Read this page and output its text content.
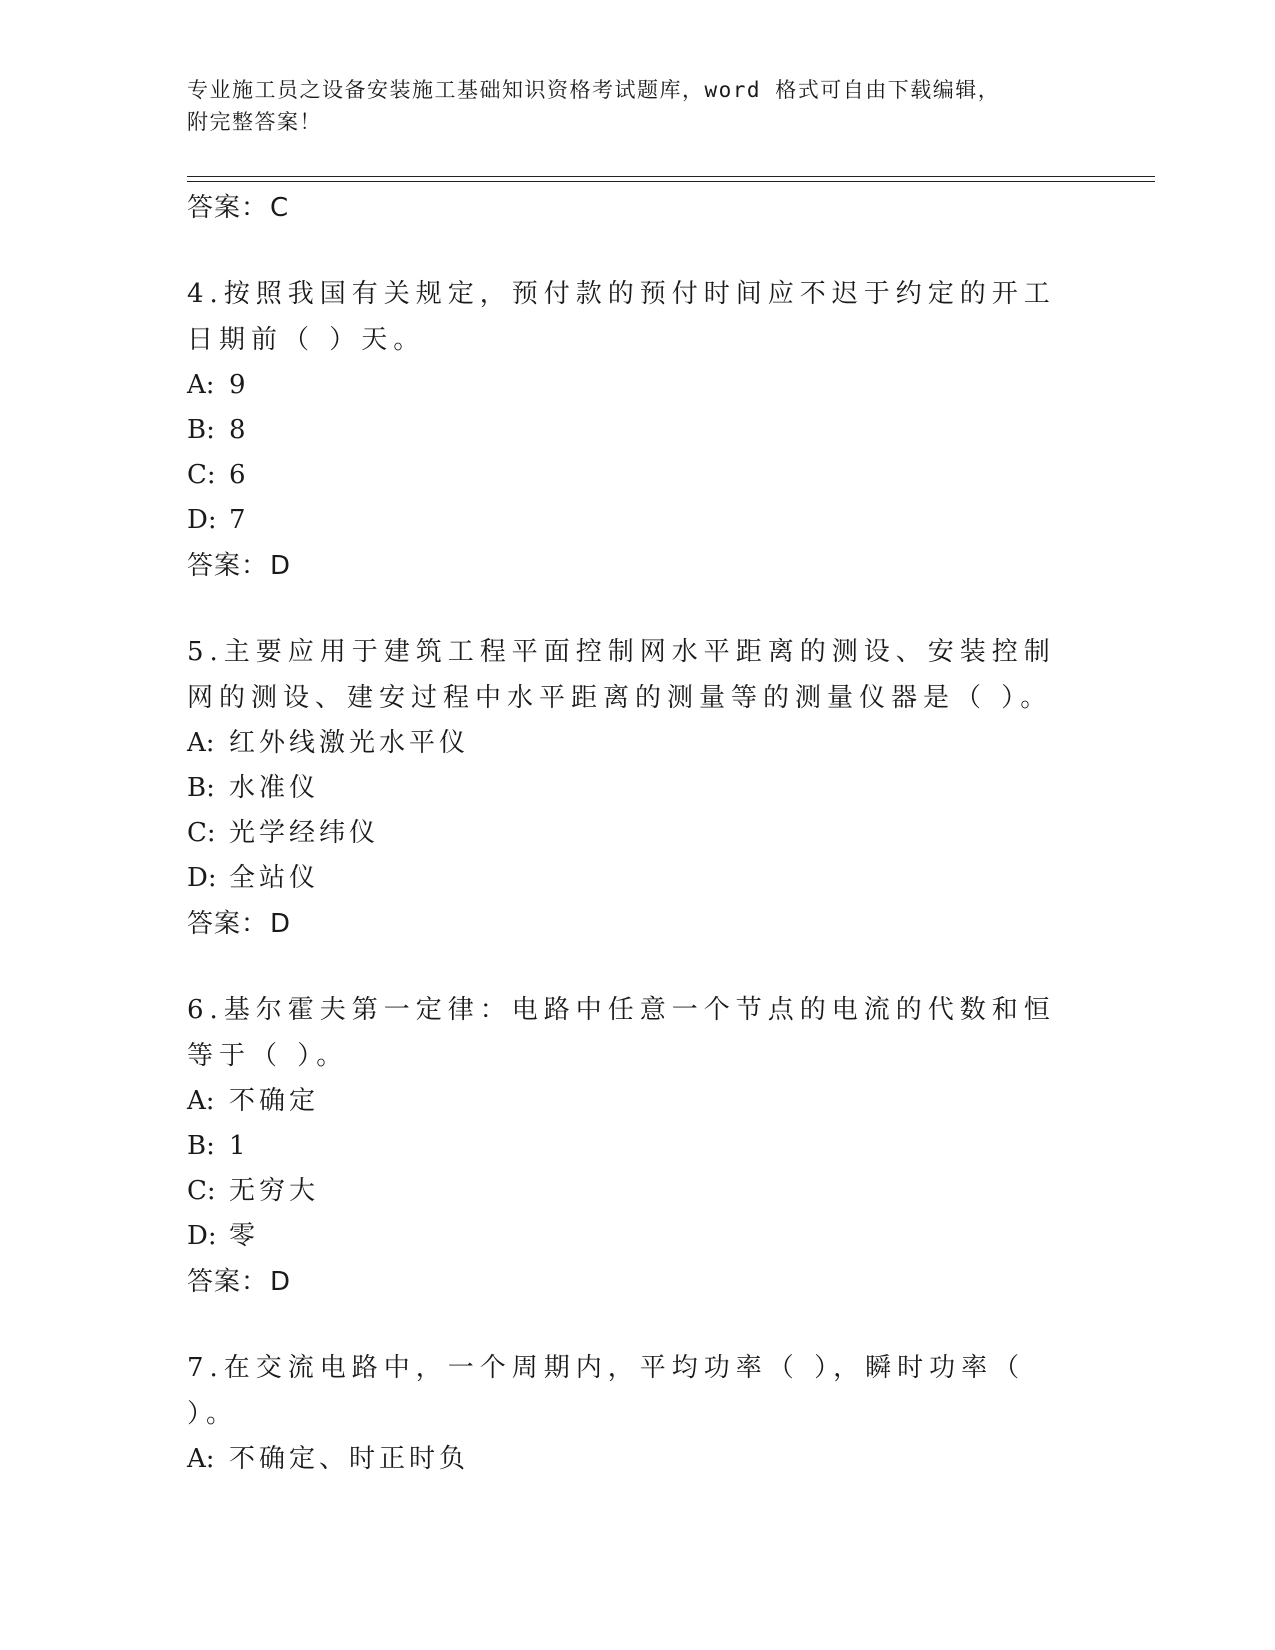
专业施工员之设备安装施工基础知识资格考试题库，word 格式可自由下载编辑，
附完整答案！
答案：C
4.按照我国有关规定，预付款的预付时间应不迟于约定的开工日期前（ ）天。
A: 9
B: 8
C: 6
D: 7
答案：D
5.主要应用于建筑工程平面控制网水平距离的测设、安装控制网的测设、建安过程中水平距离的测量等的测量仪器是（ ）。
A: 红外线激光水平仪
B: 水准仪
C: 光学经纬仪
D: 全站仪
答案：D
6.基尔霍夫第一定律：电路中任意一个节点的电流的代数和恒等于（ ）。
A: 不确定
B: 1
C: 无穷大
D: 零
答案：D
7.在交流电路中，一个周期内，平均功率（ ），瞬时功率（ ）。
A: 不确定、时正时负
